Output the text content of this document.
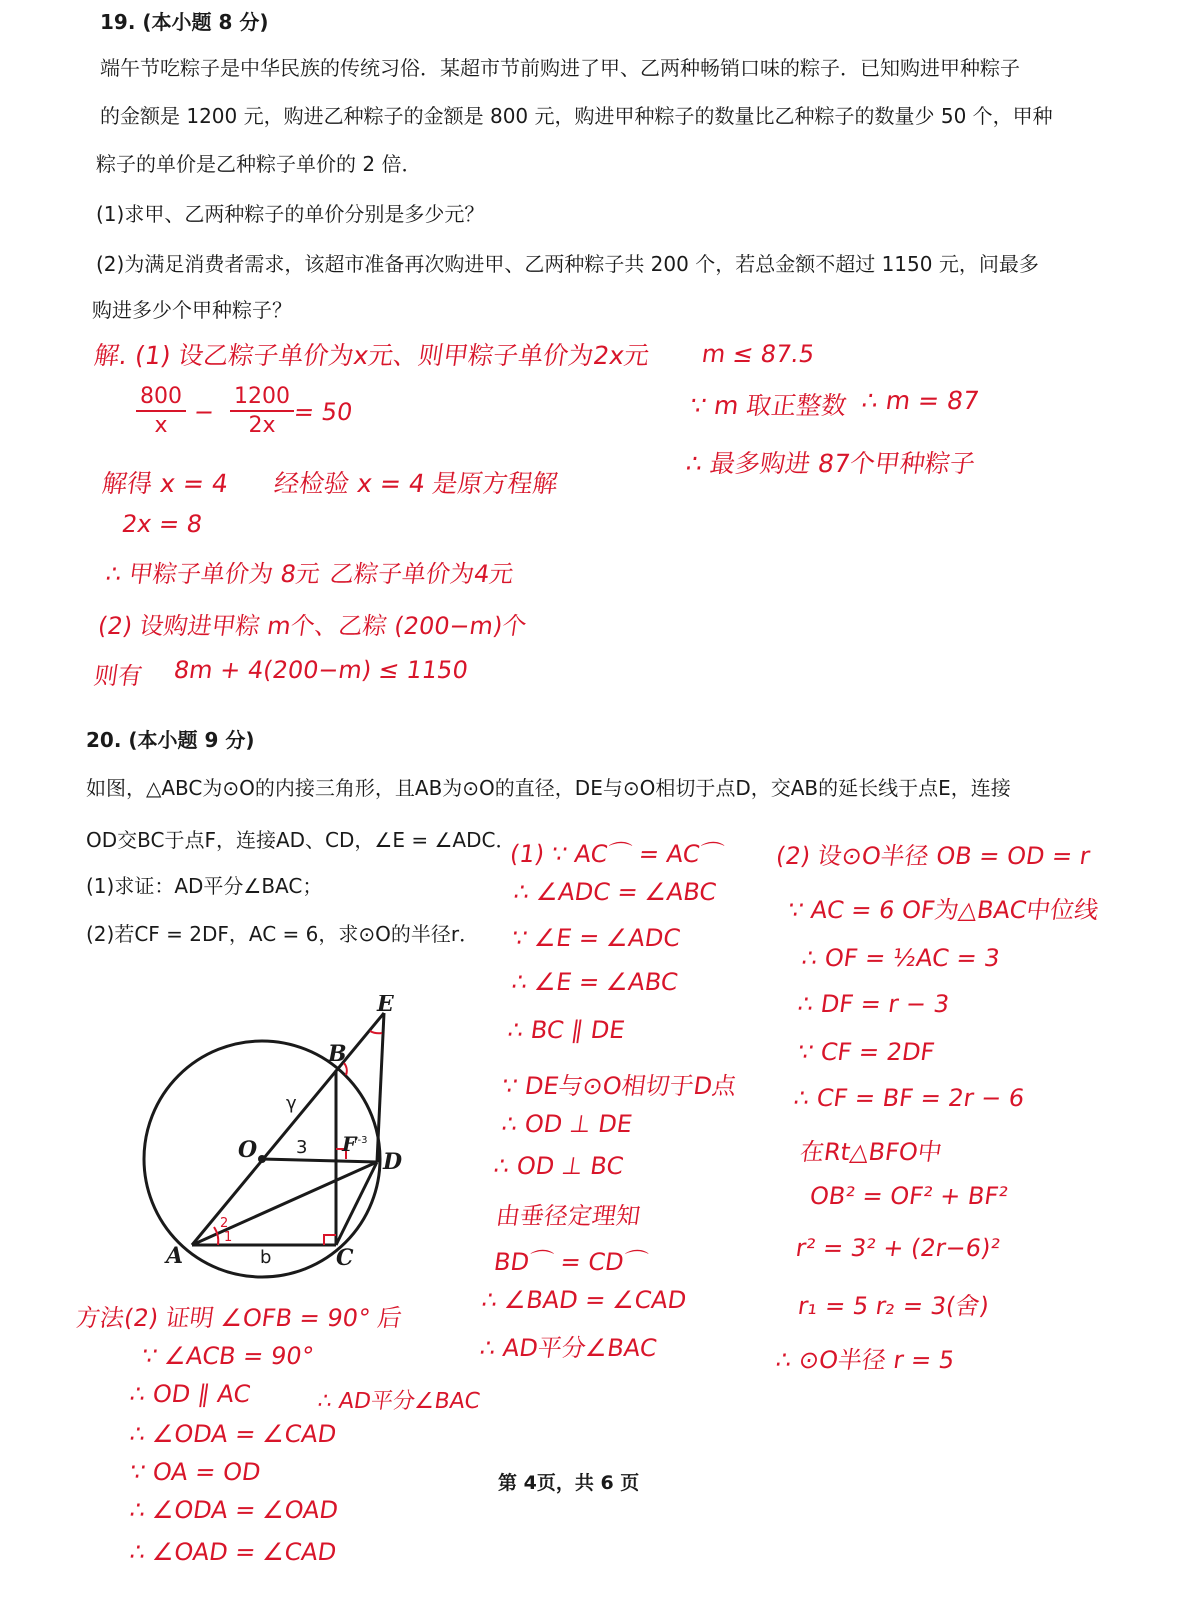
19. (本小题 8 分)
端午节吃粽子是中华民族的传统习俗．某超市节前购进了甲、乙两种畅销口味的粽子．已知购进甲种粽子
的金额是 1200 元，购进乙种粽子的金额是 800 元，购进甲种粽子的数量比乙种粽子的数量少 50 个，甲种
粽子的单价是乙种粽子单价的 2 倍．
(1)求甲、乙两种粽子的单价分别是多少元？
(2)为满足消费者需求，该超市准备再次购进甲、乙两种粽子共 200 个，若总金额不超过 1150 元，问最多
购进多少个甲种粽子？
解. (1) 设乙粽子单价为x元、则甲粽子单价为2x元
$\frac{800}{x} - \frac{1200}{2x}$
= 50
解得 x = 4 经检验 x = 4 是原方程解
2x = 8
∴ 甲粽子单价为 8元 乙粽子单价为4元
(2) 设购进甲粽 m个、乙粽 (200−m)个
则有 8m + 4(200−m) ≤ 1150
m ≤ 87.5
∵ m 取正整数 ∴ m = 87
∴ 最多购进 87个甲种粽子
20. (本小题 9 分)
如图，△ABC为⊙O的内接三角形，且AB为⊙O的直径，DE与⊙O相切于点D，交AB的延长线于点E，连接
OD交BC于点F，连接AD、CD，∠E = ∠ADC．
(1)求证：AD平分∠BAC；
(2)若CF = 2DF，AC = 6，求⊙O的半径r．
E
B
O	F
D
A	C
γ
3
b
2
1
r-3
(1) ∵ AC⌒ = AC⌒
∴ ∠ADC = ∠ABC
∵ ∠E = ∠ADC
∴ ∠E = ∠ABC
∴ BC ∥ DE
∵ DE与⊙O相切于D点
∴ OD ⊥ DE
∴ OD ⊥ BC
由垂径定理知
BD⌒ = CD⌒
∴ ∠BAD = ∠CAD
∴ AD平分∠BAC
(2) 设⊙O半径 OB = OD = r
∵ AC = 6 OF为△BAC中位线
∴ OF = ½AC = 3
∴ DF = r − 3
∵ CF = 2DF
∴ CF = BF = 2r − 6
在Rt△BFO中
OB² = OF² + BF²
r² = 3² + (2r−6)²
r₁ = 5 r₂ = 3(舍)
∴ ⊙O半径 r = 5
方法(2) 证明 ∠OFB = 90° 后
∵ ∠ACB = 90°
∴ OD ∥ AC
∴ ∠ODA = ∠CAD
∵ OA = OD
∴ ∠ODA = ∠OAD
∴ ∠OAD = ∠CAD
∴ AD平分∠BAC
第 4页，共 6 页
